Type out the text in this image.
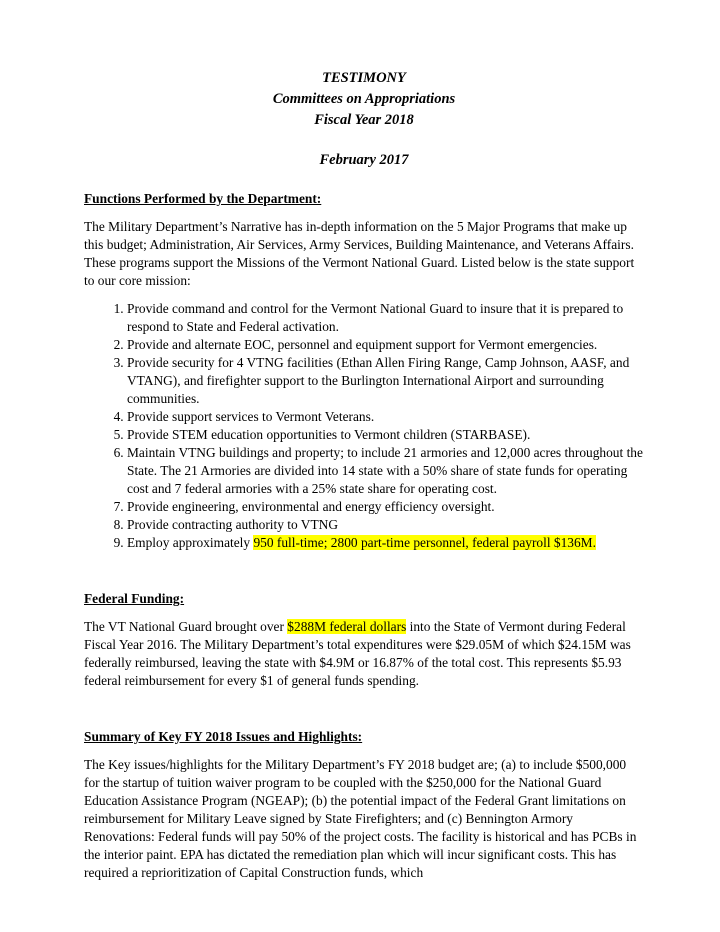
TESTIMONY
Committees on Appropriations
Fiscal Year 2018
February 2017

Functions Performed by the Department:

The Military Department’s Narrative has in-depth information on the 5 Major Programs that make up this budget; Administration, Air Services, Army Services, Building Maintenance, and Veterans Affairs. These programs support the Missions of the Vermont National Guard. Listed below is the state support to our core mission:

1. Provide command and control for the Vermont National Guard to insure that it is prepared to respond to State and Federal activation.
2. Provide and alternate EOC, personnel and equipment support for Vermont emergencies.
3. Provide security for 4 VTNG facilities (Ethan Allen Firing Range, Camp Johnson, AASF, and VTANG), and firefighter support to the Burlington International Airport and surrounding communities.
4. Provide support services to Vermont Veterans.
5. Provide STEM education opportunities to Vermont children (STARBASE).
6. Maintain VTNG buildings and property; to include 21 armories and 12,000 acres throughout the State. The 21 Armories are divided into 14 state with a 50% share of state funds for operating cost and 7 federal armories with a 25% state share for operating cost.
7. Provide engineering, environmental and energy efficiency oversight.
8. Provide contracting authority to VTNG
9. Employ approximately 950 full-time; 2800 part-time personnel, federal payroll $136M.

Federal Funding:

The VT National Guard brought over $288M federal dollars into the State of Vermont during Federal Fiscal Year 2016. The Military Department’s total expenditures were $29.05M of which $24.15M was federally reimbursed, leaving the state with $4.9M or 16.87% of the total cost. This represents $5.93 federal reimbursement for every $1 of general funds spending.

Summary of Key FY 2018 Issues and Highlights:

The Key issues/highlights for the Military Department’s FY 2018 budget are; (a) to include $500,000 for the startup of tuition waiver program to be coupled with the $250,000 for the National Guard Education Assistance Program (NGEAP); (b) the potential impact of the Federal Grant limitations on reimbursement for Military Leave signed by State Firefighters; and (c) Bennington Armory Renovations: Federal funds will pay 50% of the project costs. The facility is historical and has PCBs in the interior paint. EPA has dictated the remediation plan which will incur significant costs. This has required a reprioritization of Capital Construction funds, which
